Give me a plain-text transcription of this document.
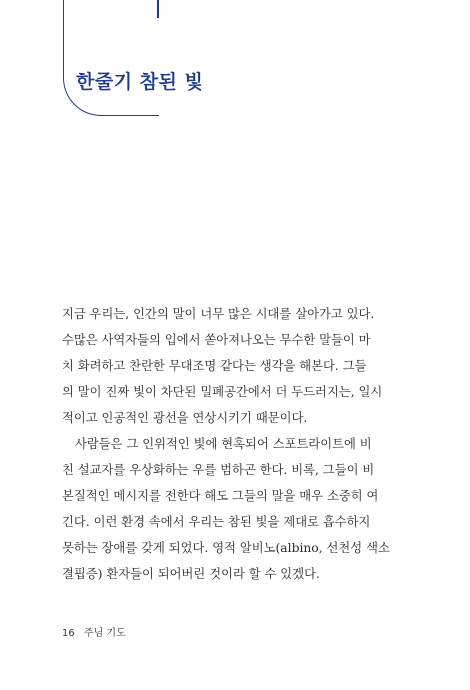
한줄기 참된 빛

지금 우리는, 인간의 말이 너무 많은 시대를 살아가고 있다.
수많은 사역자들의 입에서 쏟아져나오는 무수한 말들이 마
치 화려하고 찬란한 무대조명 같다는 생각을 해본다. 그들
의 말이 진짜 빛이 차단된 밀폐공간에서 더 두드러지는, 일시
적이고 인공적인 광선을 연상시키기 때문이다.

사람들은 그 인위적인 빛에 현혹되어 스포트라이트에 비
친 설교자를 우상화하는 우를 범하곤 한다. 비록, 그들이 비
본질적인 메시지를 전한다 해도 그들의 말을 매우 소중히 여
긴다. 이런 환경 속에서 우리는 참된 빛을 제대로 흡수하지
못하는 장애를 갖게 되었다. 영적 알비노(albino, 선천성 색소
결핍증) 환자들이 되어버린 것이라 할 수 있겠다.

16 주님 기도
